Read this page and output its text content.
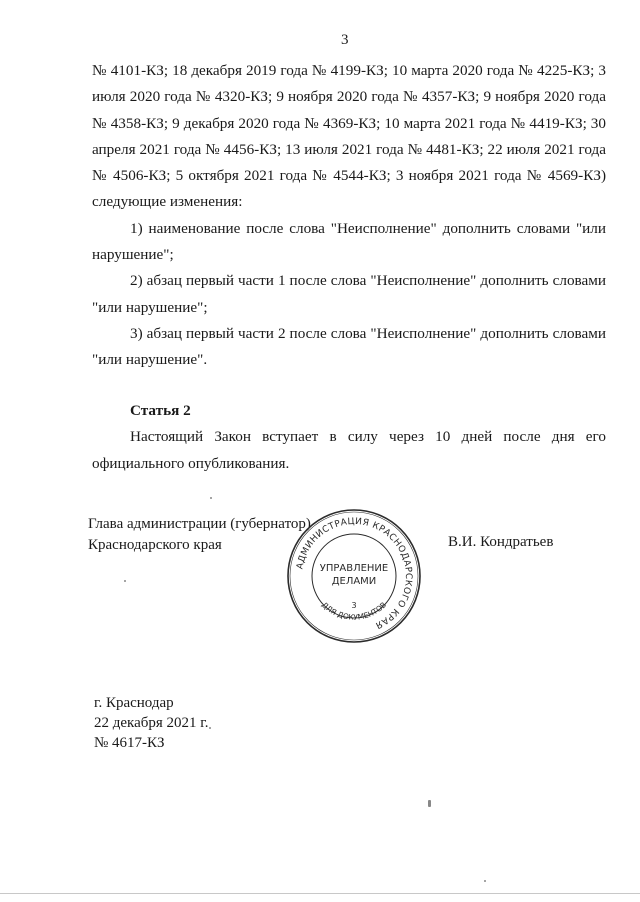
3

№ 4101-КЗ; 18 декабря 2019 года № 4199-КЗ; 10 марта 2020 года № 4225-КЗ; 3 июля 2020 года № 4320-КЗ; 9 ноября 2020 года № 4357-КЗ; 9 ноября 2020 года № 4358-КЗ; 9 декабря 2020 года № 4369-КЗ; 10 марта 2021 года № 4419-КЗ; 30 апреля 2021 года № 4456-КЗ; 13 июля 2021 года № 4481-КЗ; 22 июля 2021 года № 4506-КЗ; 5 октября 2021 года № 4544-КЗ; 3 ноября 2021 года № 4569-КЗ) следующие изменения:

1) наименование после слова "Неисполнение" дополнить словами "или нарушение";

2) абзац первый части 1 после слова "Неисполнение" дополнить словами "или нарушение";

3) абзац первый части 2 после слова "Неисполнение" дополнить словами "или нарушение".

Статья 2

Настоящий Закон вступает в силу через 10 дней после дня его официального опубликования.

Глава администрации (губернатор)
Краснодарского края	В.И. Кондратьев
АДМИНИСТРАЦИЯ КРАСНОДАРСКОГО КРАЯ
УПРАВЛЕНИЕ
ДЕЛАМИ
3
ДЛЯ ДОКУМЕНТОВ
г. Краснодар
22 декабря 2021 г.
№ 4617-КЗ
